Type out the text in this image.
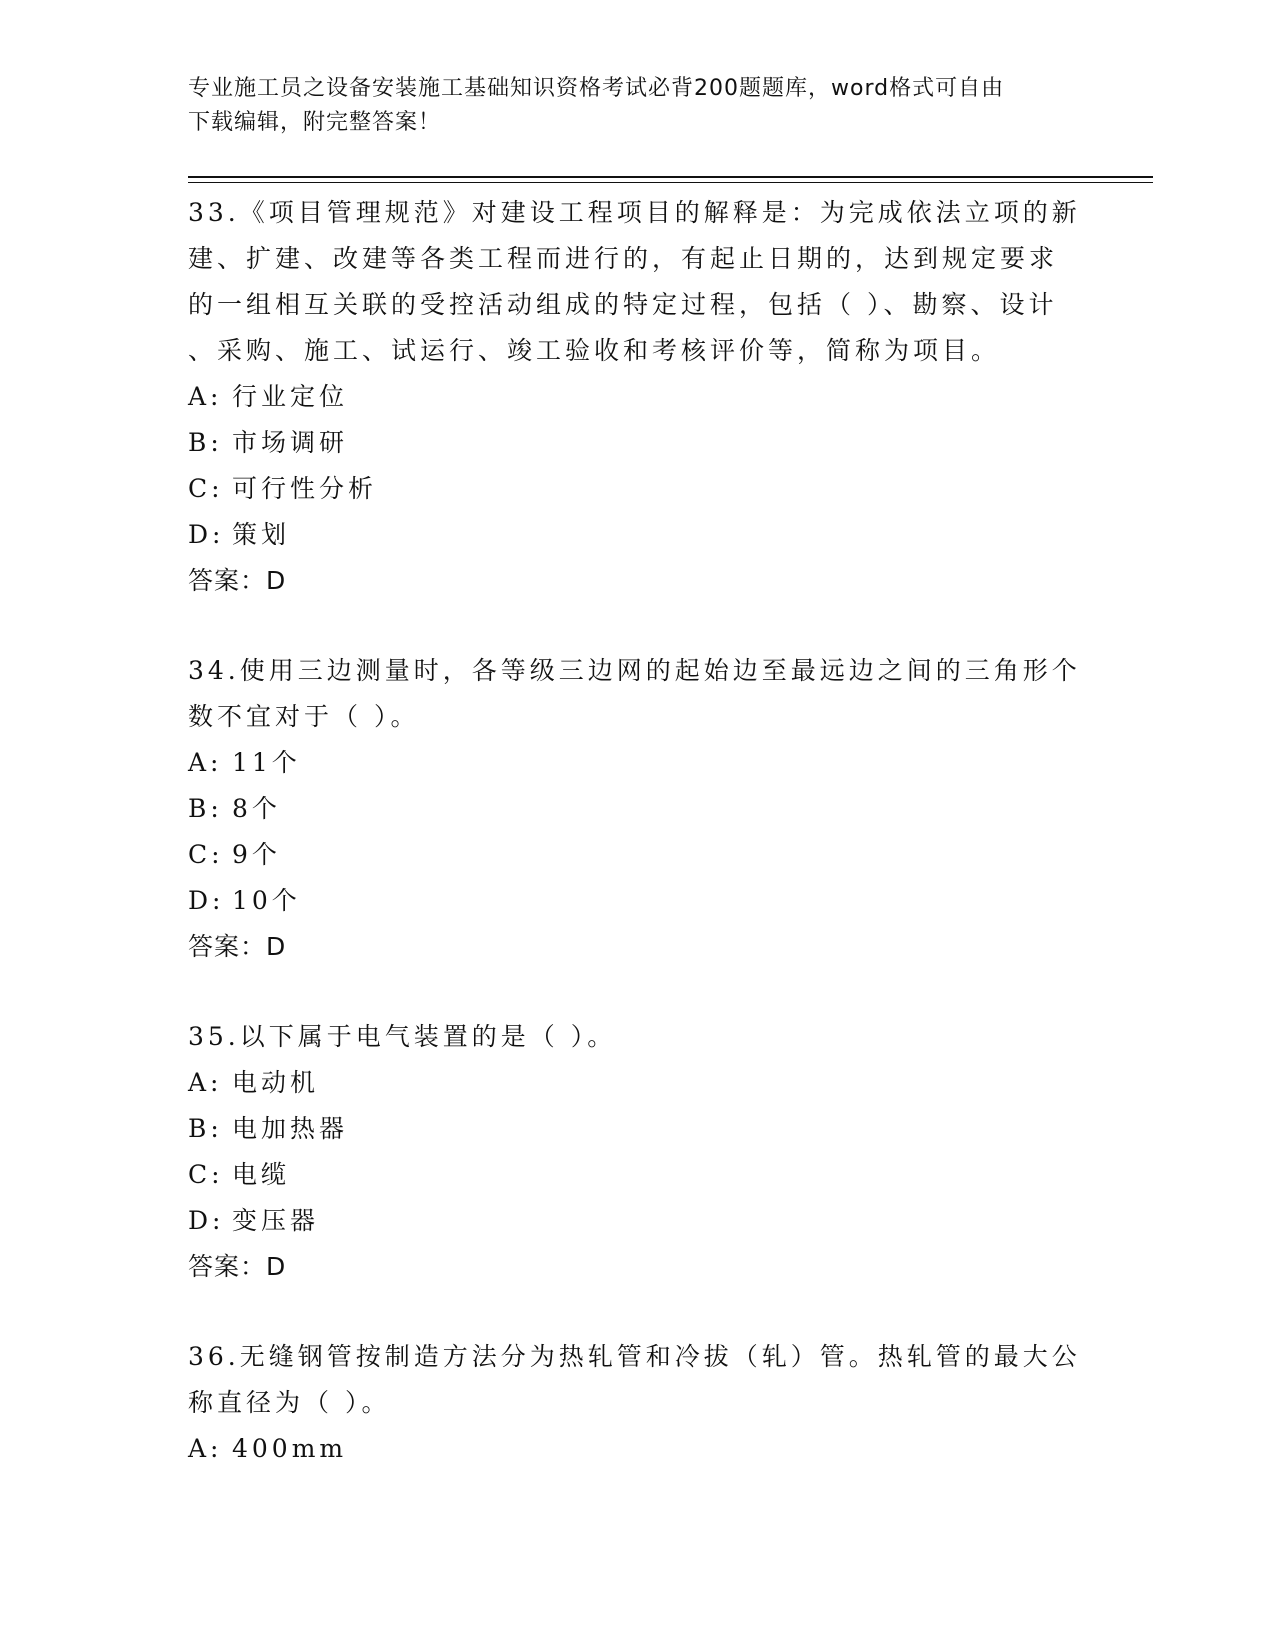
专业施工员之设备安装施工基础知识资格考试必背200题题库，word格式可自由
下载编辑，附完整答案！

33.《项目管理规范》对建设工程项目的解释是：为完成依法立项的新

建、扩建、改建等各类工程而进行的，有起止日期的，达到规定要求

的一组相互关联的受控活动组成的特定过程，包括（ ）、勘察、设计

、采购、施工、试运行、竣工验收和考核评价等，简称为项目。

A: 行业定位
B: 市场调研
C: 可行性分析
D: 策划

答案：D

34.使用三边测量时，各等级三边网的起始边至最远边之间的三角形个

数不宜对于（ ）。

A: 11个
B: 8个
C: 9个
D: 10个

答案：D

35.以下属于电气装置的是（ ）。

A: 电动机
B: 电加热器
C: 电缆
D: 变压器

答案：D

36.无缝钢管按制造方法分为热轧管和冷拔（轧）管。热轧管的最大公

称直径为（ ）。

A: 400mm
